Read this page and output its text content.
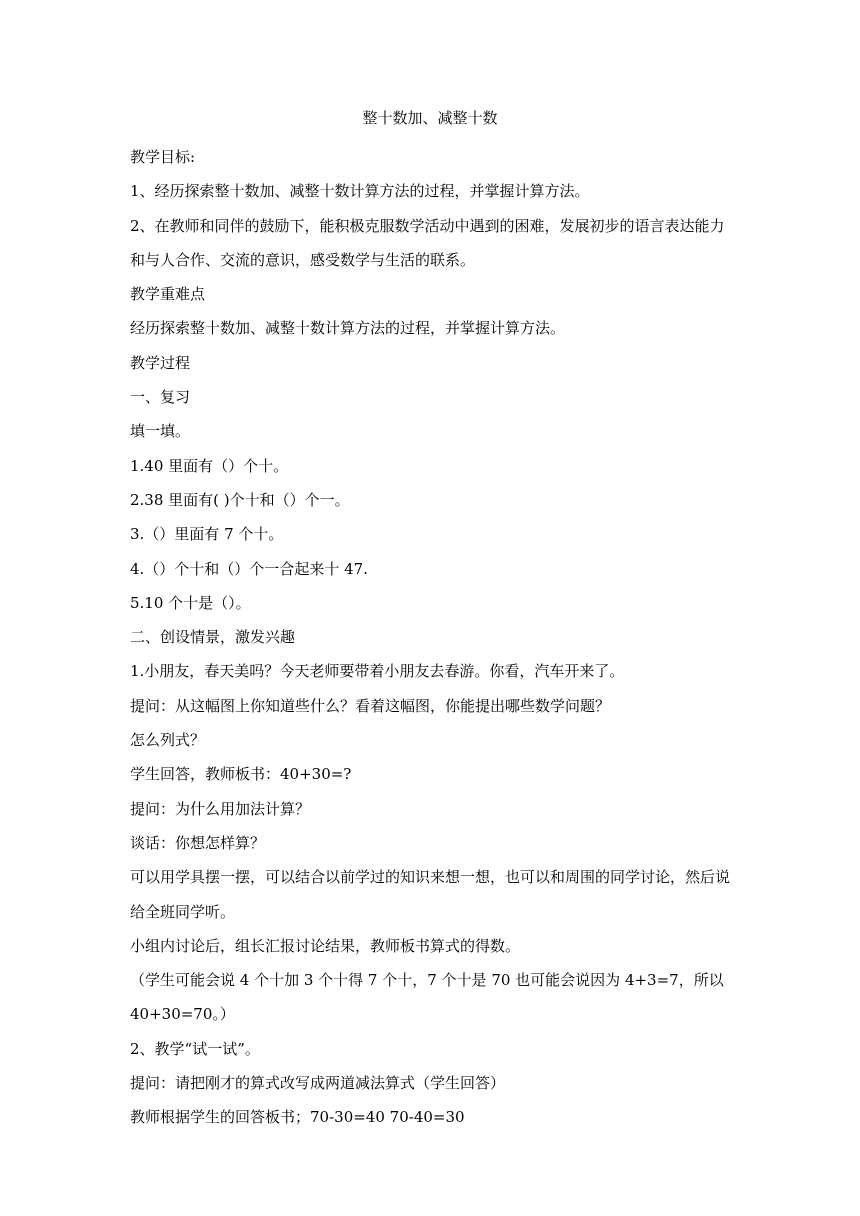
整十数加、减整十数
教学目标:
1、经历探索整十数加、减整十数计算方法的过程，并掌握计算方法。
2、在教师和同伴的鼓励下，能积极克服数学活动中遇到的困难，发展初步的语言表达能力
和与人合作、交流的意识，感受数学与生活的联系。
教学重难点
经历探索整十数加、减整十数计算方法的过程，并掌握计算方法。
教学过程
一、复习
填一填。
1.40 里面有（）个十。
2.38 里面有( )个十和（）个一。
3.（）里面有 7 个十。
4.（）个十和（）个一合起来十 47.
5.10 个十是（）。
二、创设情景，激发兴趣
1.小朋友，春天美吗？今天老师要带着小朋友去春游。你看，汽车开来了。
提问：从这幅图上你知道些什么？看着这幅图，你能提出哪些数学问题？
怎么列式？
学生回答，教师板书：40+30=?
提问：为什么用加法计算？
谈话：你想怎样算？
可以用学具摆一摆，可以结合以前学过的知识来想一想，也可以和周围的同学讨论，然后说
给全班同学听。
小组内讨论后，组长汇报讨论结果，教师板书算式的得数。
（学生可能会说 4 个十加 3 个十得 7 个十，7 个十是 70 也可能会说因为 4+3=7，所以
40+30=70。）
2、教学“试一试”。
提问：请把刚才的算式改写成两道减法算式（学生回答）
教师根据学生的回答板书；70-30=40 70-40=30
